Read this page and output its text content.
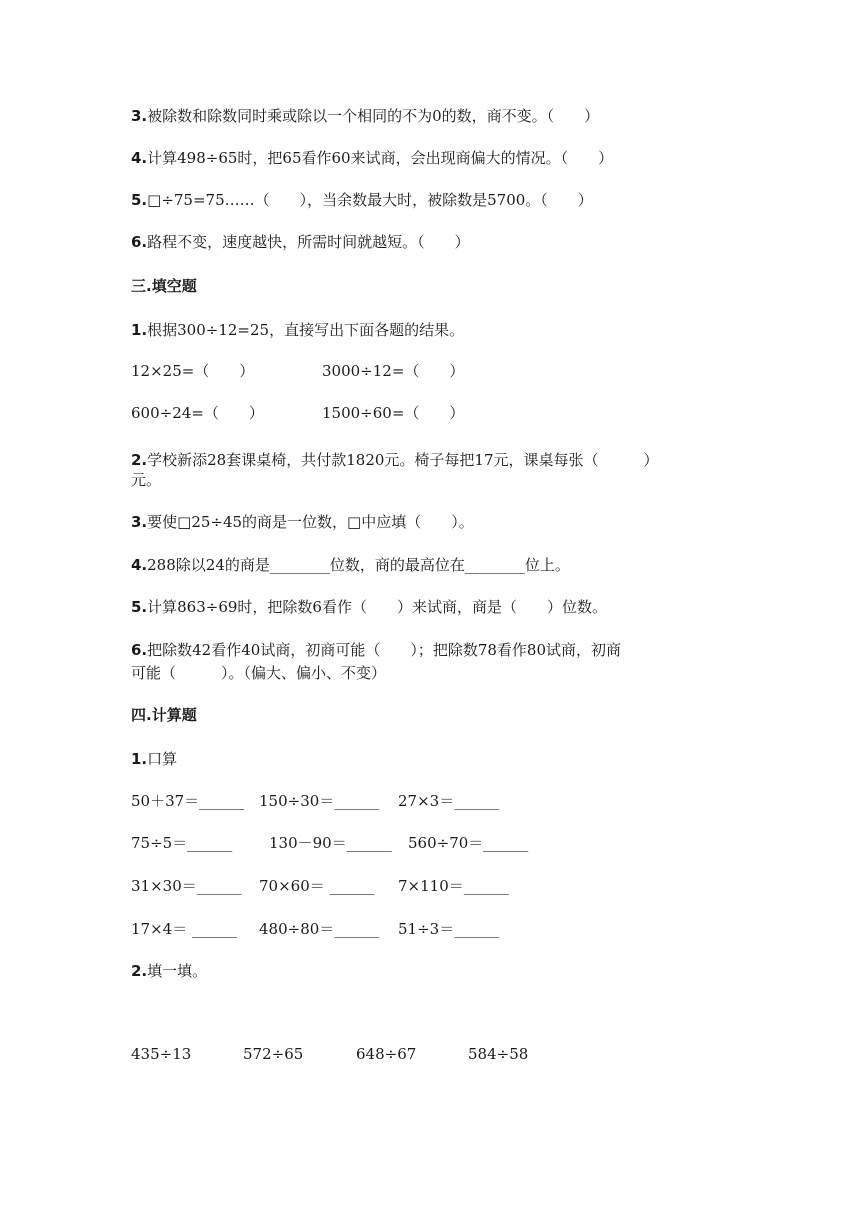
3.被除数和除数同时乘或除以一个相同的不为0的数，商不变。（　　）
4.计算498÷65时，把65看作60来试商，会出现商偏大的情况。（　　）
5.□÷75=75……（　　），当余数最大时，被除数是5700。（　　）
6.路程不变，速度越快，所需时间就越短。（　　）
三.填空题
1.根据300÷12=25，直接写出下面各题的结果。
12×25=（　　）	3000÷12=（　　）
600÷24=（　　）	1500÷60=（　　）
2.学校新添28套课桌椅，共付款1820元。椅子每把17元，课桌每张（　　　）
元。
3.要使□25÷45的商是一位数，□中应填（　　）。
4.288除以24的商是________位数，商的最高位在________位上。
5.计算863÷69时，把除数6看作（　　）来试商，商是（　　）位数。
6.把除数42看作40试商，初商可能（　　）；把除数78看作80试商，初商
可能（　　　）。（偏大、偏小、不变）
四.计算题
1.口算
50＋37＝______ 150÷30＝______ 27×3＝______
75÷5＝______ 130－90＝______ 560÷70＝______
31×30＝______ 70×60＝ ______ 7×110＝______
17×4＝ ______ 480÷80＝______ 51÷3＝______
2.填一填。
435÷13	572÷65	648÷67	584÷58
